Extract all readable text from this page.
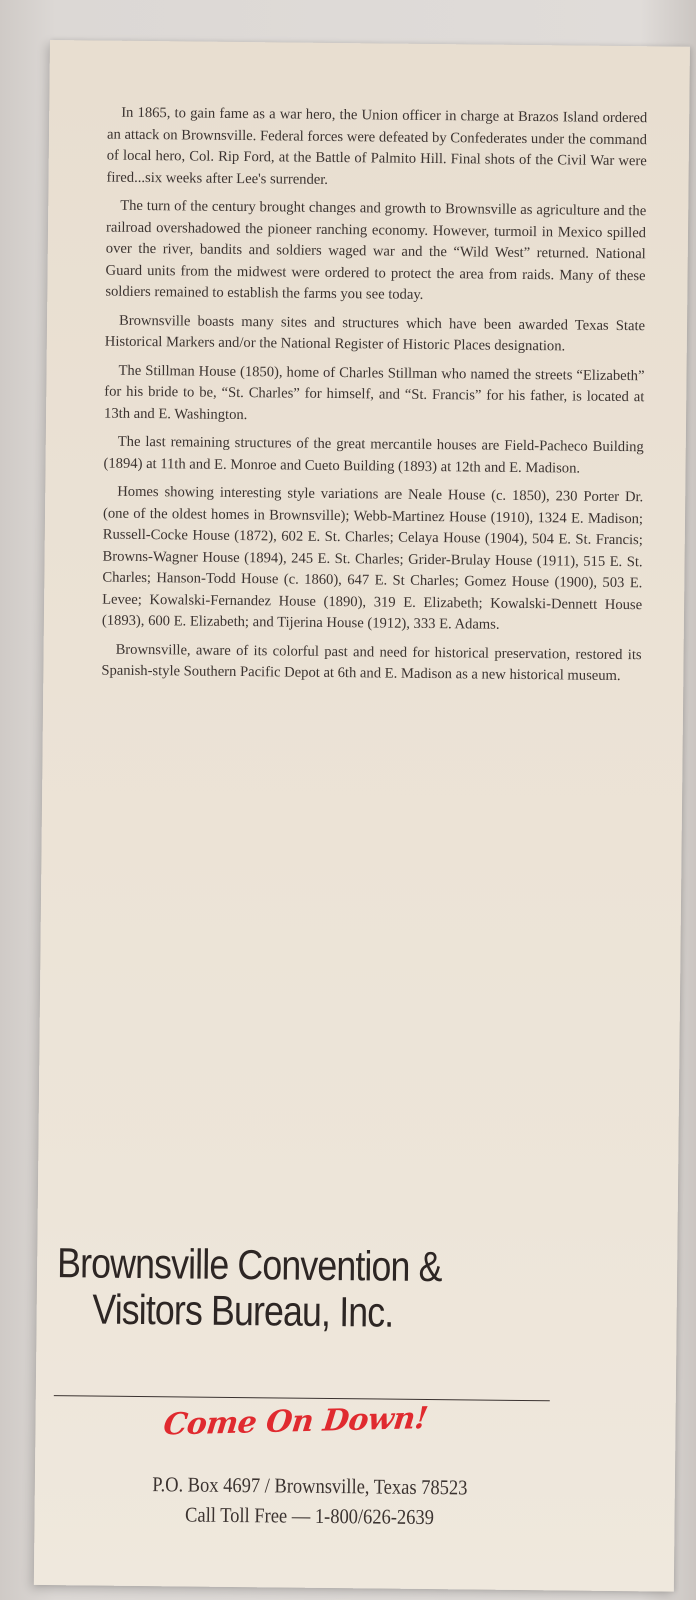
In 1865, to gain fame as a war hero, the Union officer in charge at Brazos Island ordered an attack on Brownsville. Federal forces were defeated by Confederates under the command of local hero, Col. Rip Ford, at the Battle of Palmito Hill. Final shots of the Civil War were fired...six weeks after Lee's surrender.

The turn of the century brought changes and growth to Brownsville as agriculture and the railroad overshadowed the pioneer ranching economy. However, turmoil in Mexico spilled over the river, bandits and soldiers waged war and the “Wild West” returned. National Guard units from the midwest were ordered to protect the area from raids. Many of these soldiers remained to establish the farms you see today.

Brownsville boasts many sites and structures which have been awarded Texas State Historical Markers and/or the National Register of Historic Places designation.

The Stillman House (1850), home of Charles Stillman who named the streets “Elizabeth” for his bride to be, “St. Charles” for himself, and “St. Francis” for his father, is located at 13th and E. Washington.

The last remaining structures of the great mercantile houses are Field-Pacheco Building (1894) at 11th and E. Monroe and Cueto Building (1893) at 12th and E. Madison.

Homes showing interesting style variations are Neale House (c. 1850), 230 Porter Dr. (one of the oldest homes in Brownsville); Webb-Martinez House (1910), 1324 E. Madison; Russell-Cocke House (1872), 602 E. St. Charles; Celaya House (1904), 504 E. St. Francis; Browns-Wagner House (1894), 245 E. St. Charles; Grider-Brulay House (1911), 515 E. St. Charles; Hanson-Todd House (c. 1860), 647 E. St Charles; Gomez House (1900), 503 E. Levee; Kowalski-Fernandez House (1890), 319 E. Elizabeth; Kowalski-Dennett House (1893), 600 E. Elizabeth; and Tijerina House (1912), 333 E. Adams.

Brownsville, aware of its colorful past and need for historical preservation, restored its Spanish-style Southern Pacific Depot at 6th and E. Madison as a new historical museum.

Brownsville Convention &
Visitors Bureau, Inc.
Come On Down!
P.O. Box 4697 / Brownsville, Texas 78523
Call Toll Free — 1-800/626-2639
